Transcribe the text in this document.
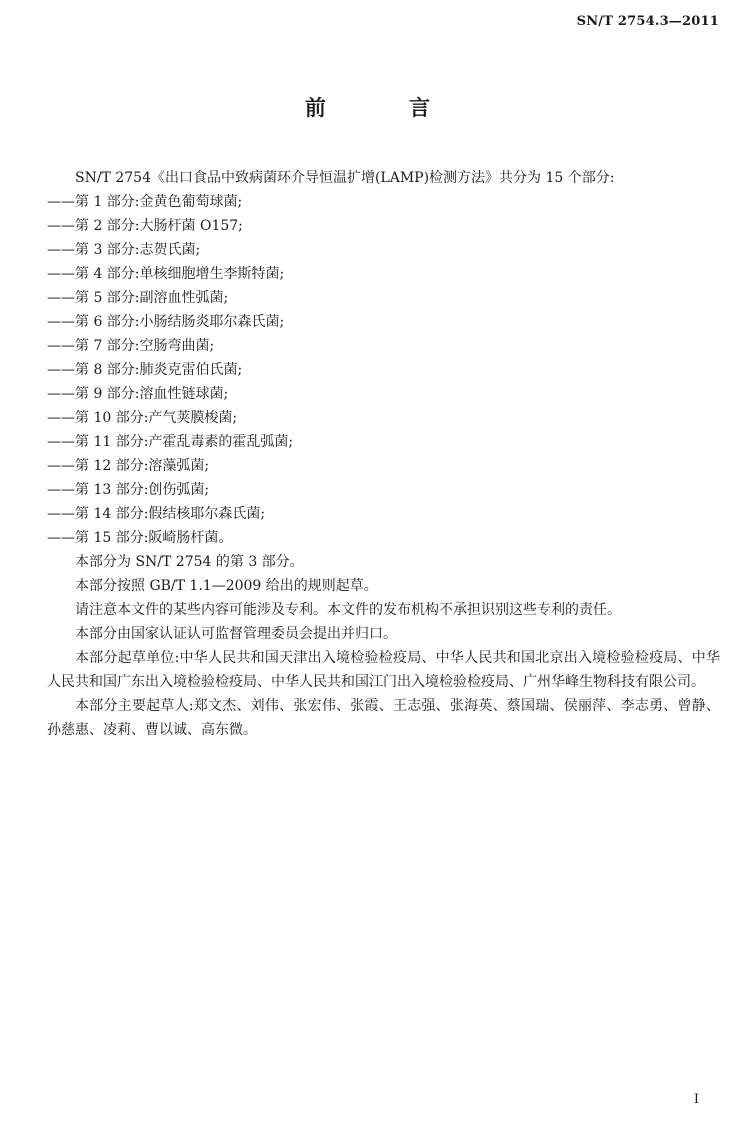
SN/T 2754.3—2011
前 言
SN/T 2754《出口食品中致病菌环介导恒温扩增(LAMP)检测方法》共分为 15 个部分:
——第 1 部分:金黄色葡萄球菌;
——第 2 部分:大肠杆菌 O157;
——第 3 部分:志贺氏菌;
——第 4 部分:单核细胞增生李斯特菌;
——第 5 部分:副溶血性弧菌;
——第 6 部分:小肠结肠炎耶尔森氏菌;
——第 7 部分:空肠弯曲菌;
——第 8 部分:肺炎克雷伯氏菌;
——第 9 部分:溶血性链球菌;
——第 10 部分:产气荚膜梭菌;
——第 11 部分:产霍乱毒素的霍乱弧菌;
——第 12 部分:溶藻弧菌;
——第 13 部分:创伤弧菌;
——第 14 部分:假结核耶尔森氏菌;
——第 15 部分:阪崎肠杆菌。
本部分为 SN/T 2754 的第 3 部分。
本部分按照 GB/T 1.1—2009 给出的规则起草。
请注意本文件的某些内容可能涉及专利。本文件的发布机构不承担识别这些专利的责任。
本部分由国家认证认可监督管理委员会提出并归口。
本部分起草单位:中华人民共和国天津出入境检验检疫局、中华人民共和国北京出入境检验检疫局、中华人民共和国广东出入境检验检疫局、中华人民共和国江门出入境检验检疫局、广州华峰生物科技有限公司。
本部分主要起草人:郑文杰、刘伟、张宏伟、张霞、王志强、张海英、蔡国瑞、侯丽萍、李志勇、曾静、孙慈惠、凌莉、曹以诚、高东微。
I
